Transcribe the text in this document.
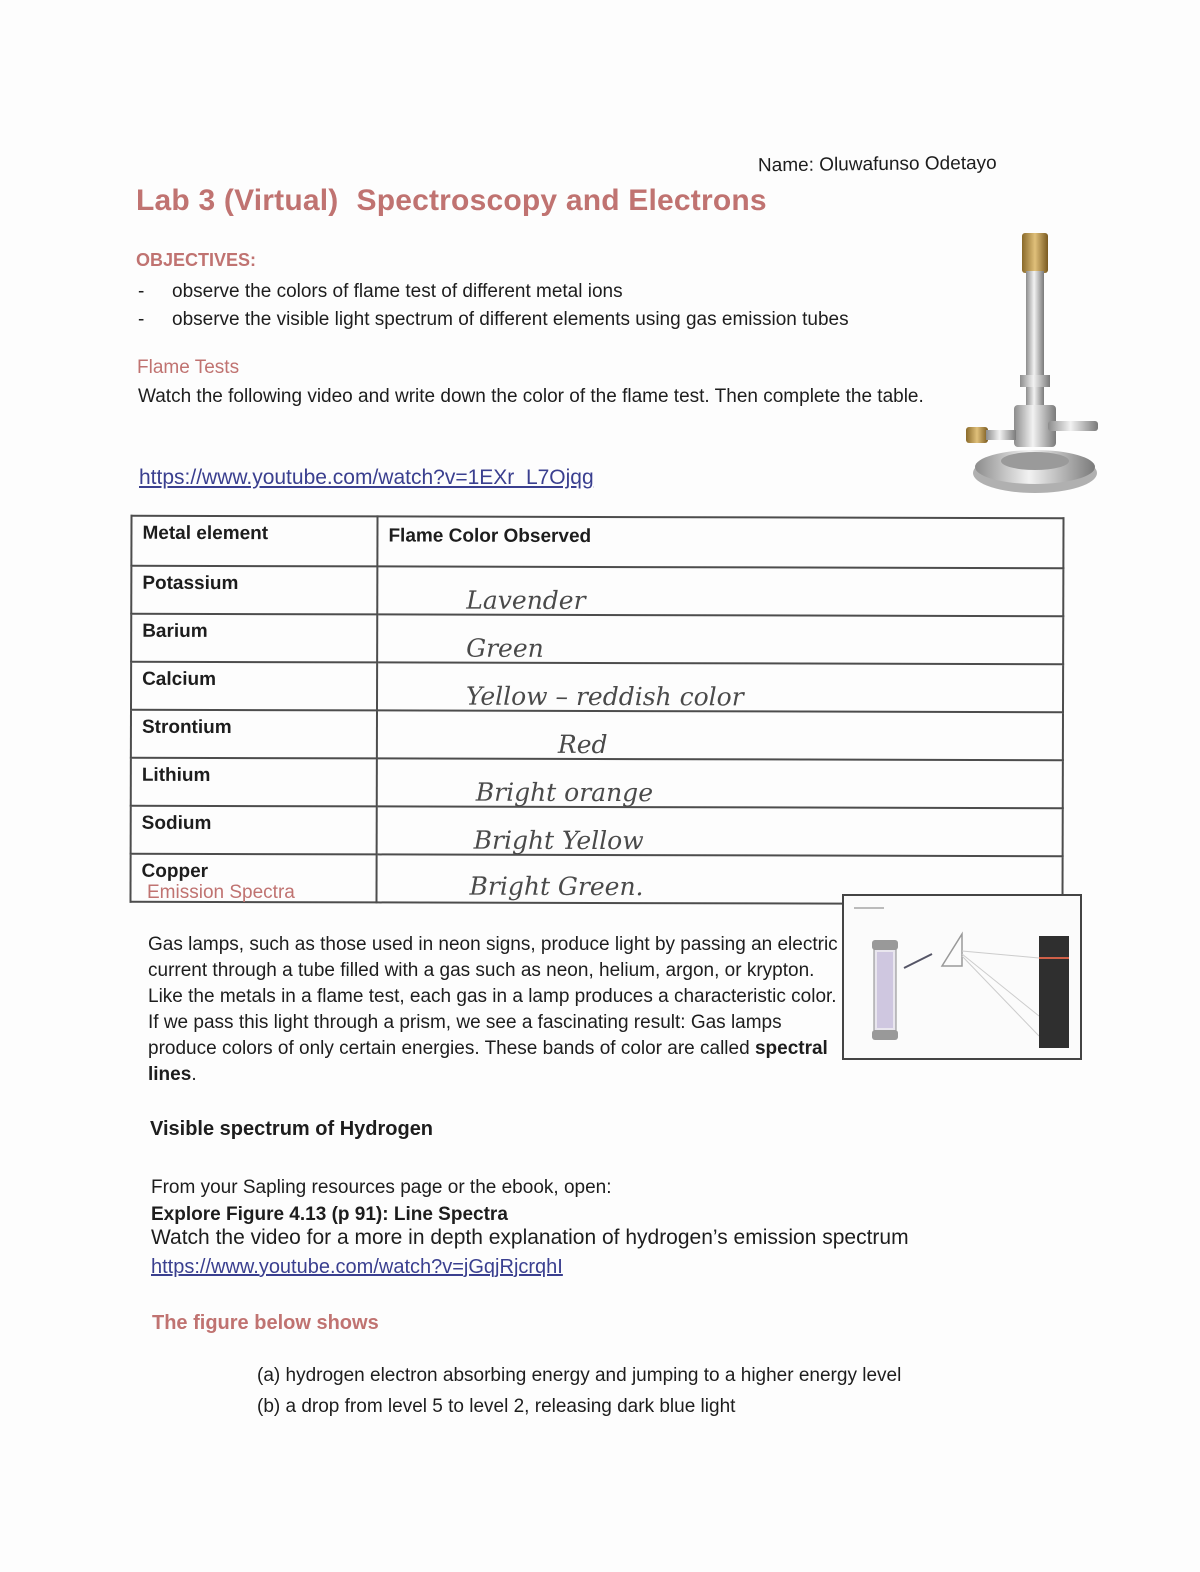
Name: Oluwafunso Odetayo
Lab 3 (Virtual) Spectroscopy and Electrons
OBJECTIVES:
- observe the colors of flame test of different metal ions
- observe the visible light spectrum of different elements using gas emission tubes
Flame Tests
Watch the following video and write down the color of the flame test. Then complete the table.
https://www.youtube.com/watch?v=1EXr_L7Ojqg
Metal element	Flame Color Observed
Potassium	Lavender

Barium	Green

Calcium	Yellow – reddish color

Strontium	Red

Lithium	Bright orange

Sodium	Bright Yellow

Copper	Bright Green.
Emission Spectra
Gas lamps, such as those used in neon signs, produce light by passing an electric current through a tube filled with a gas such as neon, helium, argon, or krypton. Like the metals in a flame test, each gas in a lamp produces a characteristic color. If we pass this light through a prism, we see a fascinating result: Gas lamps produce colors of only certain energies. These bands of color are called spectral lines.
Visible spectrum of Hydrogen
From your Sapling resources page or the ebook, open:
Explore Figure 4.13 (p 91): Line Spectra
Watch the video for a more in depth explanation of hydrogen’s emission spectrum
https://www.youtube.com/watch?v=jGqjRjcrqhI
The figure below shows
(a) hydrogen electron absorbing energy and jumping to a higher energy level
(b) a drop from level 5 to level 2, releasing dark blue light
